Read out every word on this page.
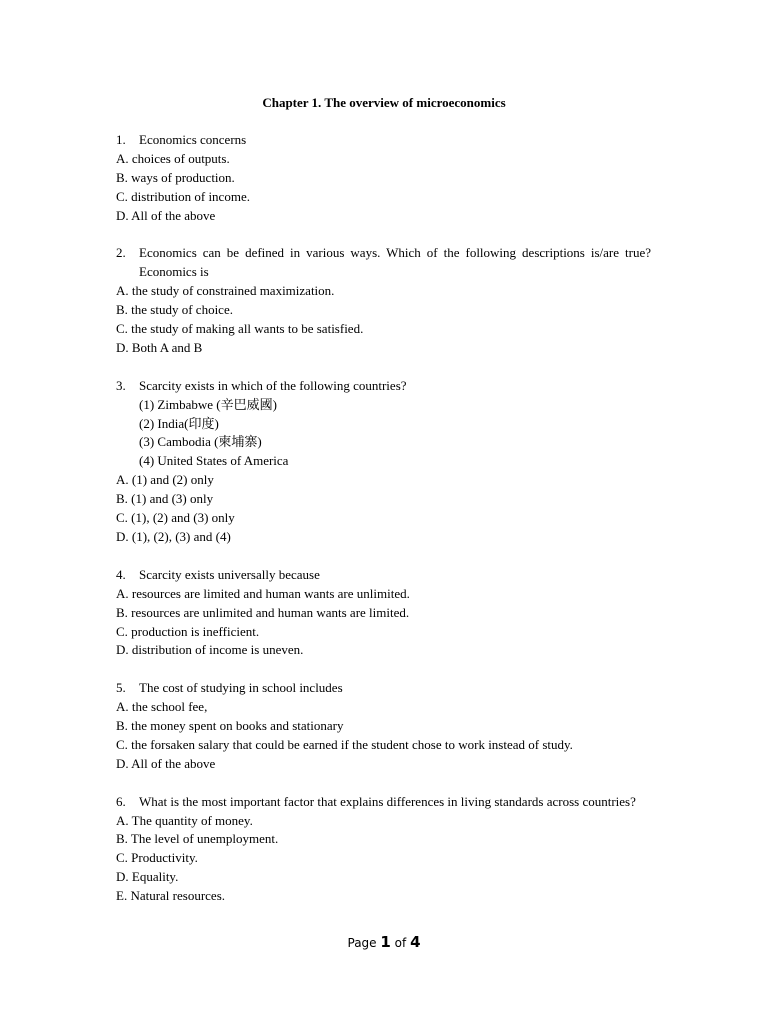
Chapter 1. The overview of microeconomics
1.	Economics concerns
A. choices of outputs.
B. ways of production.
C. distribution of income.
D. All of the above
2.	Economics can be defined in various ways. Which of the following descriptions is/are true? Economics is
A. the study of constrained maximization.
B. the study of choice.
C. the study of making all wants to be satisfied.
D. Both A and B
3.	Scarcity exists in which of the following countries?
(1) Zimbabwe (辛巴威國)
(2) India(印度)
(3) Cambodia (柬埔寨)
(4) United States of America
A. (1) and (2) only
B. (1) and (3) only
C. (1), (2) and (3) only
D. (1), (2), (3) and (4)
4.	Scarcity exists universally because
A. resources are limited and human wants are unlimited.
B. resources are unlimited and human wants are limited.
C. production is inefficient.
D. distribution of income is uneven.
5.	The cost of studying in school includes
A. the school fee,
B. the money spent on books and stationary
C. the forsaken salary that could be earned if the student chose to work instead of study.
D. All of the above
6.	What is the most important factor that explains differences in living standards across countries?
A. The quantity of money.
B. The level of unemployment.
C. Productivity.
D. Equality.
E. Natural resources.
Page 1 of 4
